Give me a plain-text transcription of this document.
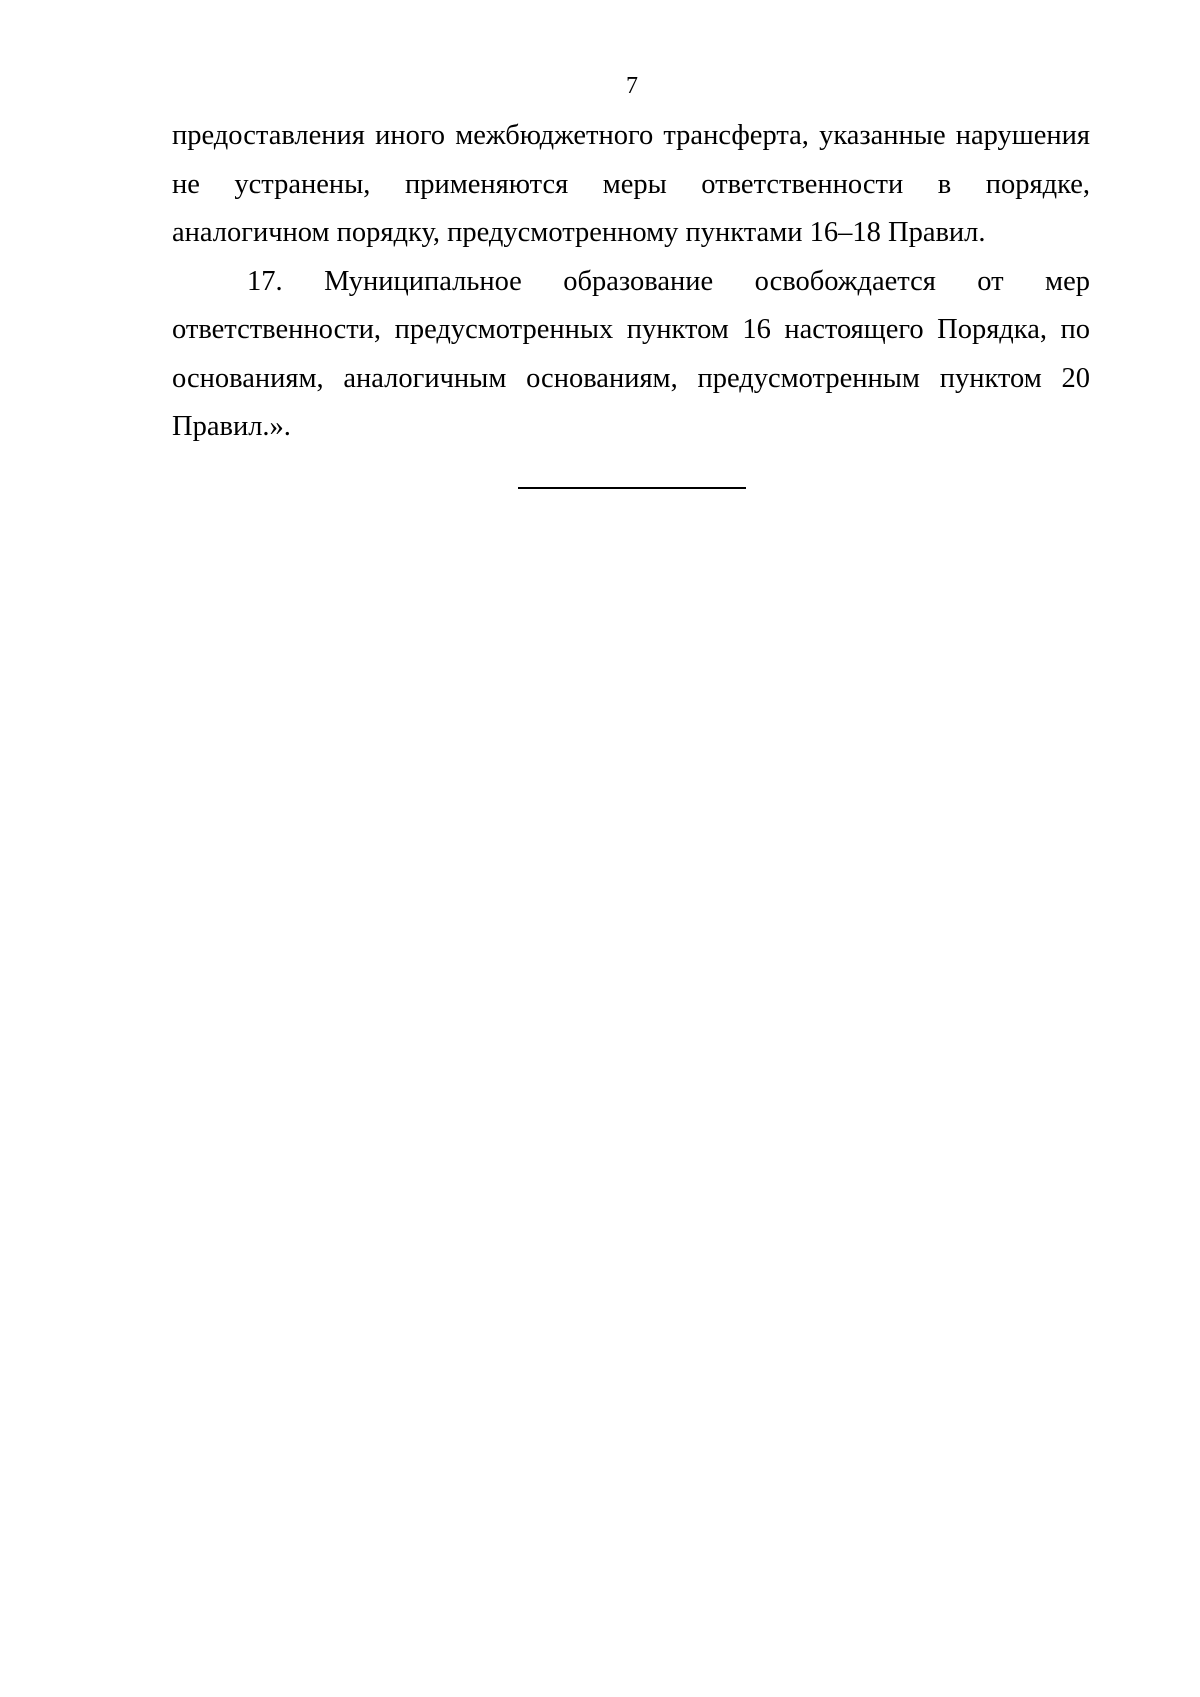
7

предоставления иного межбюджетного трансферта, указанные нарушения не устранены, применяются меры ответственности в порядке, аналогичном порядку, предусмотренному пунктами 16–18 Правил.

17. Муниципальное образование освобождается от мер ответственности, предусмотренных пунктом 16 настоящего Порядка, по основаниям, аналогичным основаниям, предусмотренным пунктом 20 Правил.».
